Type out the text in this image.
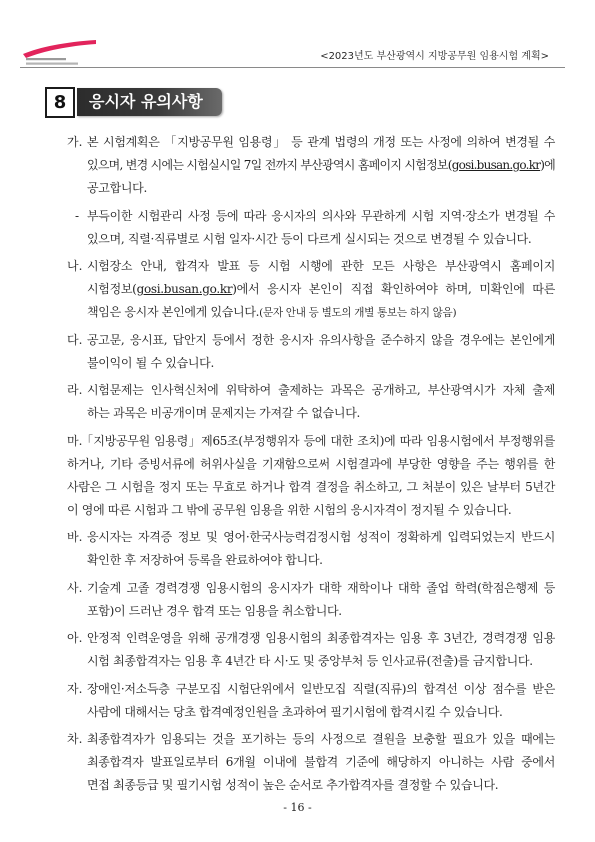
<2023년도 부산광역시 지방공무원 임용시험 계획>
8	응시자 유의사항
가. 본 시험계획은 「지방공무원 임용령」 등 관계 법령의 개정 또는 사정에 의하여 변경될 수
있으며, 변경 시에는 시험실시일 7일 전까지 부산광역시 홈페이지 시험정보(gosi.busan.go.kr)에
공고합니다.
- 부득이한 시험관리 사정 등에 따라 응시자의 의사와 무관하게 시험 지역·장소가 변경될 수
있으며, 직렬·직류별로 시험 일자·시간 등이 다르게 실시되는 것으로 변경될 수 있습니다.
나. 시험장소 안내, 합격자 발표 등 시험 시행에 관한 모든 사항은 부산광역시 홈페이지
시험정보(gosi.busan.go.kr)에서 응시자 본인이 직접 확인하여야 하며, 미확인에 따른
책임은 응시자 본인에게 있습니다.(문자 안내 등 별도의 개별 통보는 하지 않음)
다. 공고문, 응시표, 답안지 등에서 정한 응시자 유의사항을 준수하지 않을 경우에는 본인에게
불이익이 될 수 있습니다.
라. 시험문제는 인사혁신처에 위탁하여 출제하는 과목은 공개하고, 부산광역시가 자체 출제
하는 과목은 비공개이며 문제지는 가져갈 수 없습니다.
마.
「지방공무원 임용령」제65조(부정행위자 등에 대한 조치)에 따라 임용시험에서 부정행위를
하거나, 기타 증빙서류에 허위사실을 기재함으로써 시험결과에 부당한 영향을 주는 행위를 한
사람은 그 시험을 정지 또는 무효로 하거나 합격 결정을 취소하고, 그 처분이 있은 날부터 5년간
이 영에 따른 시험과 그 밖에 공무원 임용을 위한 시험의 응시자격이 정지될 수 있습니다.
바. 응시자는 자격증 정보 및 영어·한국사능력검정시험 성적이 정확하게 입력되었는지 반드시
확인한 후 저장하여 등록을 완료하여야 합니다.
사. 기술계 고졸 경력경쟁 임용시험의 응시자가 대학 재학이나 대학 졸업 학력(학점은행제 등
포함)이 드러난 경우 합격 또는 임용을 취소합니다.
아. 안정적 인력운영을 위해 공개경쟁 임용시험의 최종합격자는 임용 후 3년간, 경력경쟁 임용
시험 최종합격자는 임용 후 4년간 타 시·도 및 중앙부처 등 인사교류(전출)를 금지합니다.
자. 장애인·저소득층 구분모집 시험단위에서 일반모집 직렬(직류)의 합격선 이상 점수를 받은
사람에 대해서는 당초 합격예정인원을 초과하여 필기시험에 합격시킬 수 있습니다.
차. 최종합격자가 임용되는 것을 포기하는 등의 사정으로 결원을 보충할 필요가 있을 때에는
최종합격자 발표일로부터 6개월 이내에 불합격 기준에 해당하지 아니하는 사람 중에서
면접 최종등급 및 필기시험 성적이 높은 순서로 추가합격자를 결정할 수 있습니다.
- 16 -
